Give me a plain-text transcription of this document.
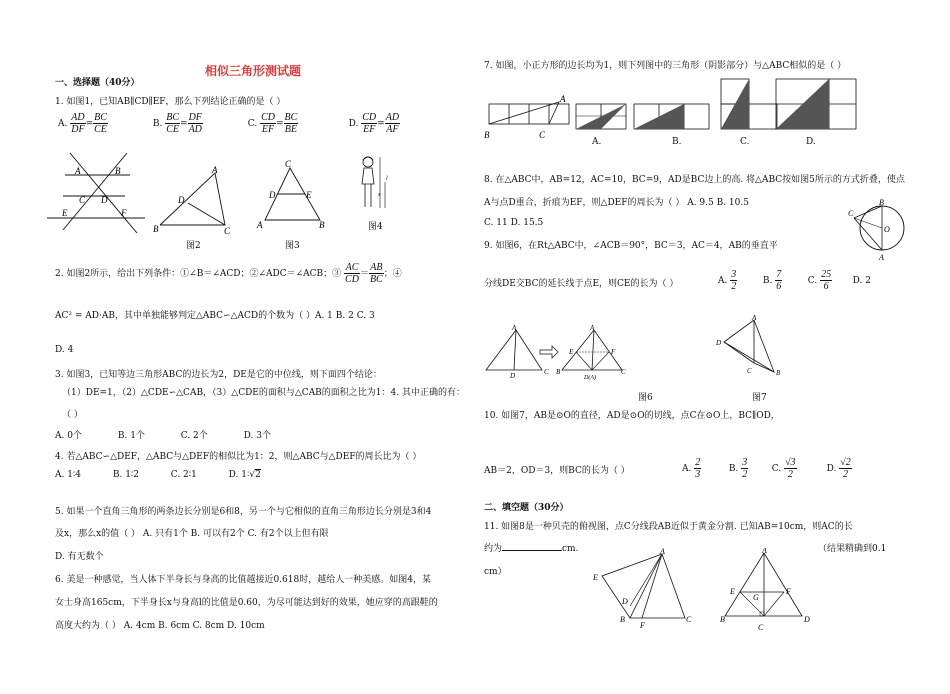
相似三角形测试题
一、选择题（40分）
1. 如图1，已知AB∥CD∥EF，那么下列结论正确的是（ ）
A. $\frac{AD}{DF} = \frac{BC}{CE}$	B. $\frac{BC}{CE} = \frac{DF}{AD}$	C. $\frac{CD}{EF} = \frac{BC}{BE}$	D. $\frac{CD}{EF} = \frac{AD}{AF}$
A	B
C D
E	F
A
D
B	C
图2
C
D	E
A	B
图3
x
l
图4
2. 如图2所示，给出下列条件：①∠B＝∠ACD；②∠ADC＝∠ACB；③ $\frac{AC}{CD} = \frac{AB}{BC}$ ；④
AC² = AD·AB，其中单独能够判定△ABC∽△ACD的个数为（ ）A. 1 B. 2 C. 3
D. 4
3. 如图3，已知等边三角形ABC的边长为2，DE是它的中位线，则下面四个结论：
（1）DE=1，（2）△CDE∽△CAB，（3）△CDE的面积与△CAB的面积之比为1：4. 其中正确的有：
（ ）
A. 0个	B. 1个	C. 2个	D. 3个
4. 若△ABC∽△DEF，△ABC与△DEF的相似比为1：2，则△ABC与△DEF的周长比为（ ）
A. 1∶4	B. 1∶2	C. 2∶1	D. 1∶√2
5. 如果一个直角三角形的两条边长分别是6和8，另一个与它相似的直角三角形边长分别是3和4
及x，那么x的值（ ） A. 只有1个 B. 可以有2个 C. 有2个以上但有限
D. 有无数个
6. 美是一种感觉，当人体下半身长与身高的比值越接近0.618时，越给人一种美感。如图4，某
女士身高165cm，下半身长x与身高l的比值是0.60，为尽可能达到好的效果，她应穿的高跟鞋的
高度大约为（ ） A. 4cm B. 6cm C. 8cm D. 10cm
7. 如图，小正方形的边长均为1，则下列图中的三角形（阴影部分）与△ABC相似的是（ ）
A
B	C
A.	B.	C.	D.
8. 在△ABC中，AB=12，AC=10，BC=9，AD是BC边上的高. 将△ABC按如图5所示的方式折叠，使点
A与点D重合，折痕为EF，则△DEF的周长为（ ） A. 9.5 B. 10.5
C. 11 D. 15.5
B
O
C
A
9. 如图6，在Rt△ABC中，∠ACB＝90°，BC＝3，AC＝4，AB的垂直平
分线DE交BC的延长线于点E，则CE的长为（ ）	A. $\frac{3}{2}$	B. $\frac{7}{6}$	C. $\frac{25}{6} D$. 2
A
C
D
A
E	F
B
D(A)
C
图6
A
D
C	B
图7
10. 如图7，AB是⊙O的直径，AD是⊙O的切线，点C在⊙O上，BC∥OD，
AB＝2，OD＝3，则BC的长为（ ）	A. $\frac{2}{3}$	B. $\frac{3}{2}$	C. $\frac{√3}{2}$	D. $\frac{√2}{2}$
二、填空题（30分）
11. 如图8是一种贝壳的俯视图，点C分线段AB近似于黄金分割. 已知AB=10cm，则AC的长
约为	cm.	（结果精确到0.1
cm）
A
E
D
B
F
C
A
E	F
G
B
C
D
